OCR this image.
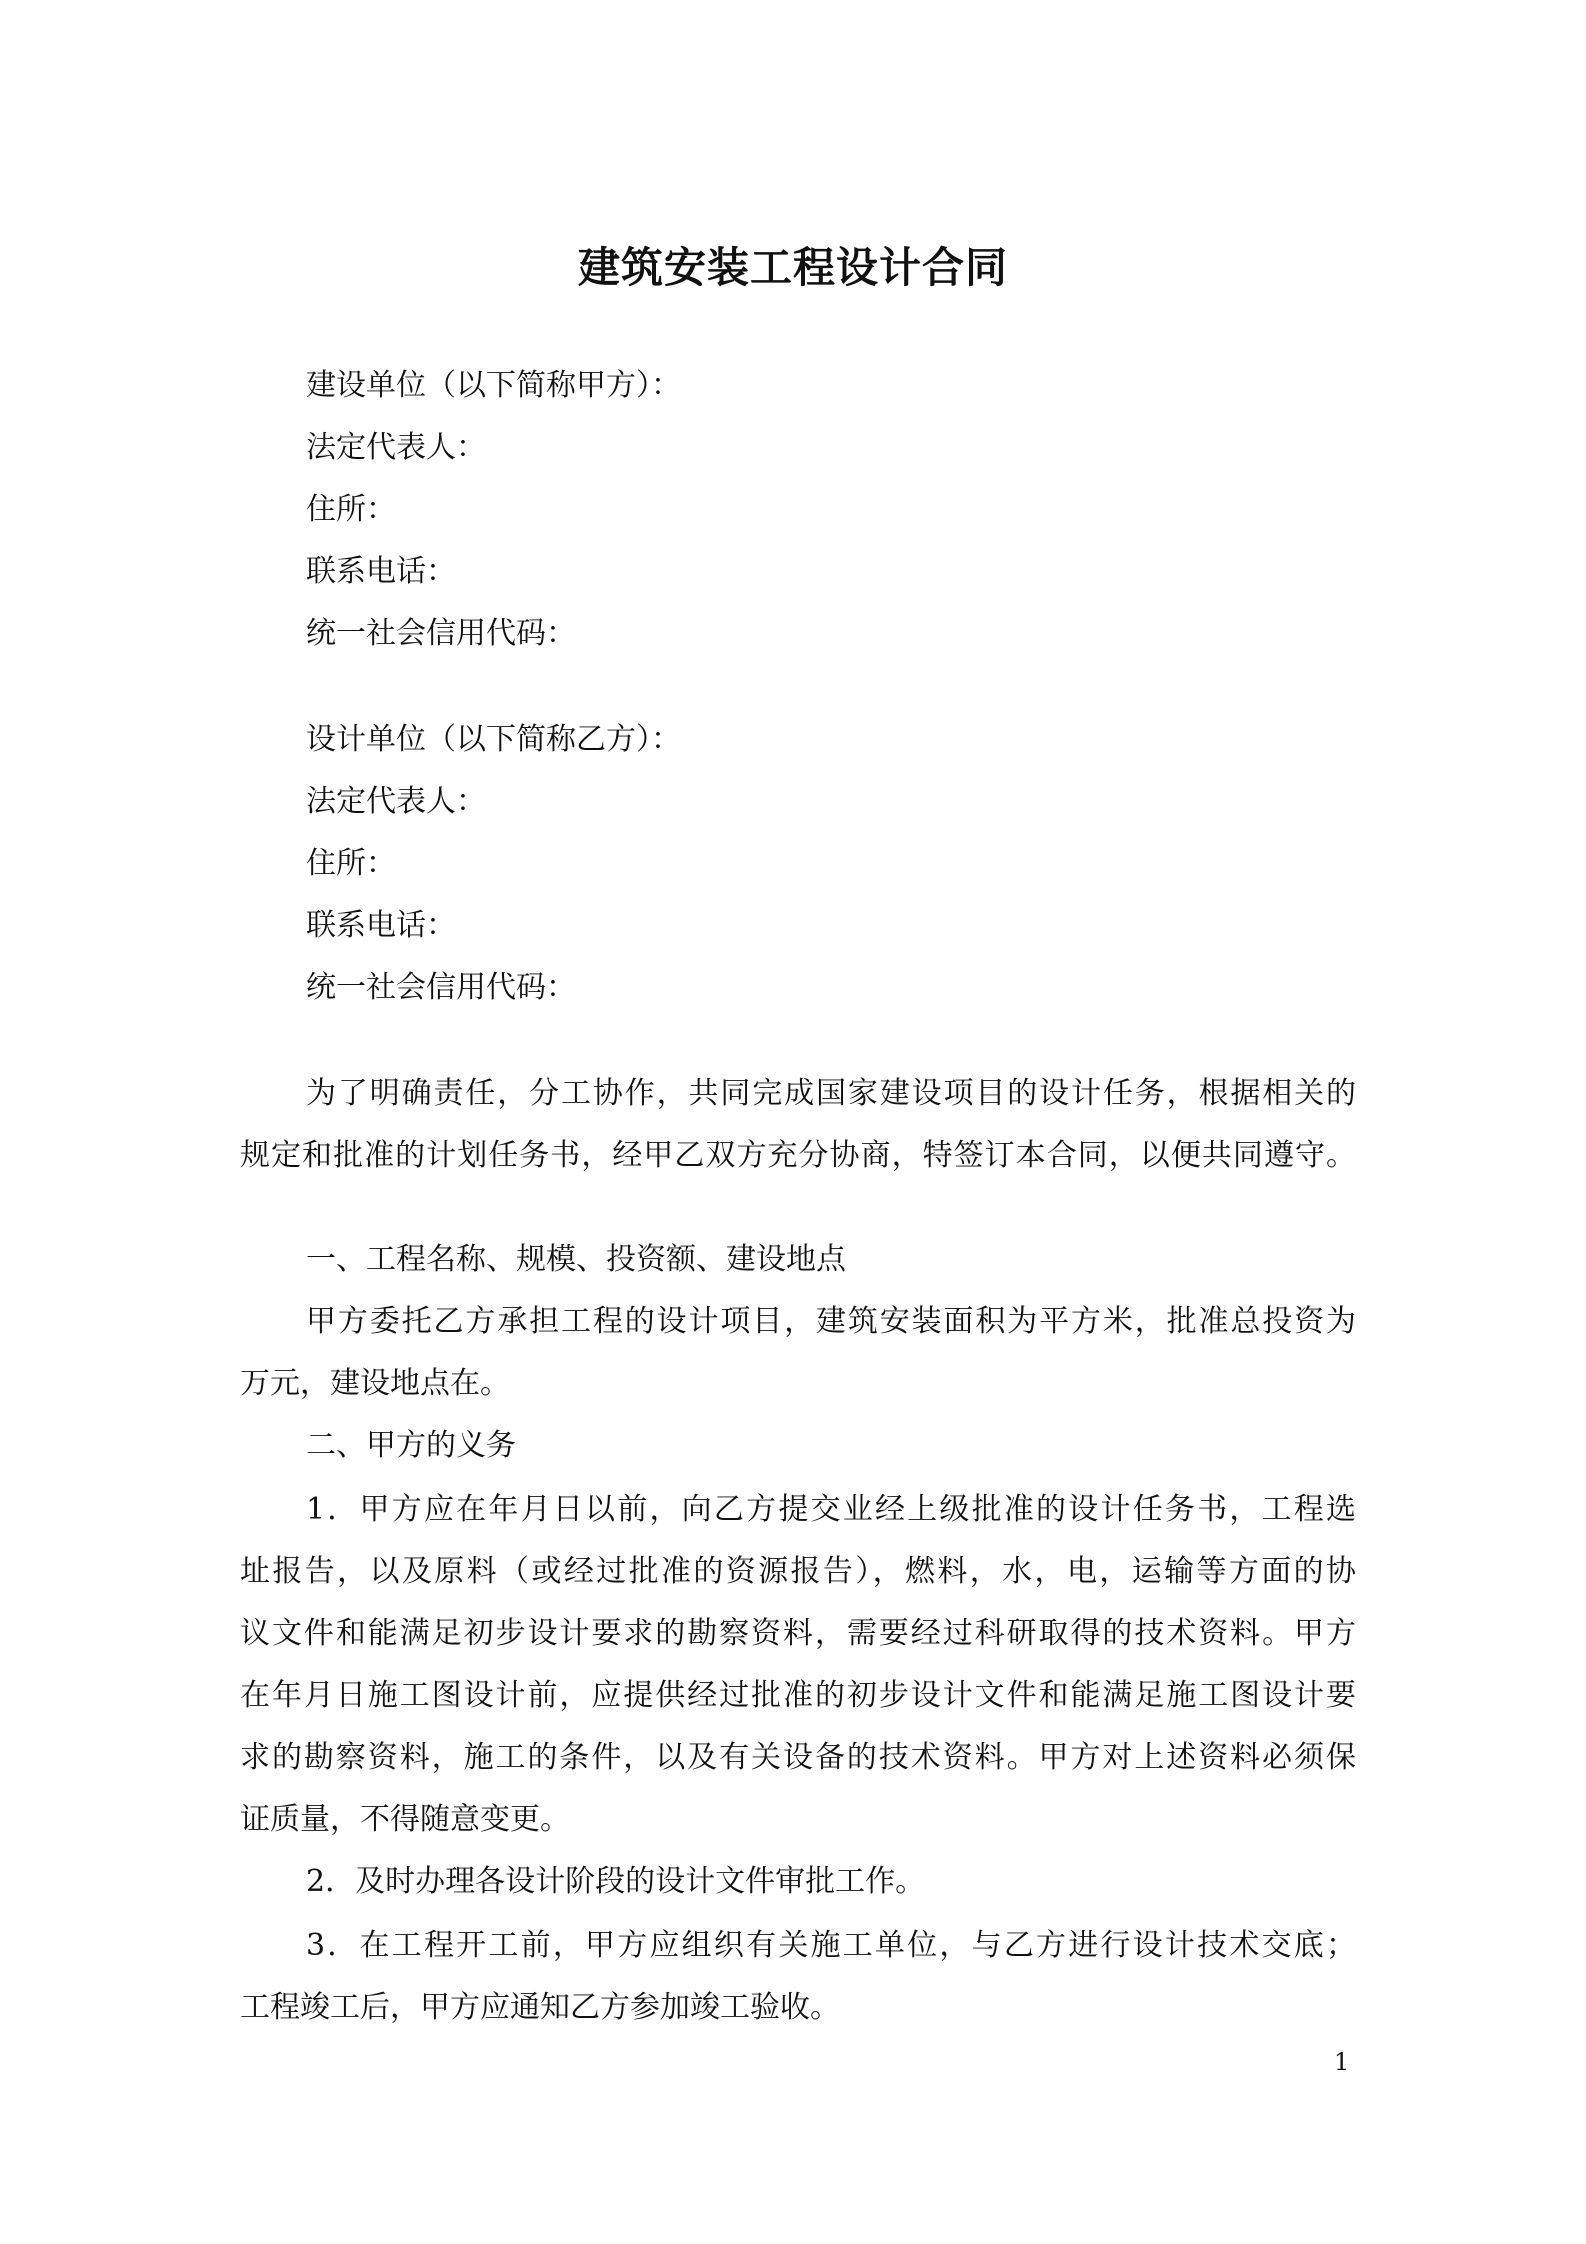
建筑安装工程设计合同
建设单位（以下简称甲方）：
法定代表人：
住所：
联系电话：
统一社会信用代码：
设计单位（以下简称乙方）：
法定代表人：
住所：
联系电话：
统一社会信用代码：
为了明确责任，分工协作，共同完成国家建设项目的设计任务，根据相关的
规定和批准的计划任务书，经甲乙双方充分协商，特签订本合同，以便共同遵守。
一、工程名称、规模、投资额、建设地点
甲方委托乙方承担工程的设计项目，建筑安装面积为平方米，批准总投资为
万元，建设地点在。
二、甲方的义务
1．甲方应在年月日以前，向乙方提交业经上级批准的设计任务书，工程选
址报告，以及原料（或经过批准的资源报告），燃料，水，电，运输等方面的协
议文件和能满足初步设计要求的勘察资料，需要经过科研取得的技术资料。甲方
在年月日施工图设计前，应提供经过批准的初步设计文件和能满足施工图设计要
求的勘察资料，施工的条件，以及有关设备的技术资料。甲方对上述资料必须保
证质量，不得随意变更。
2．及时办理各设计阶段的设计文件审批工作。
3．在工程开工前，甲方应组织有关施工单位，与乙方进行设计技术交底；
工程竣工后，甲方应通知乙方参加竣工验收。
1
